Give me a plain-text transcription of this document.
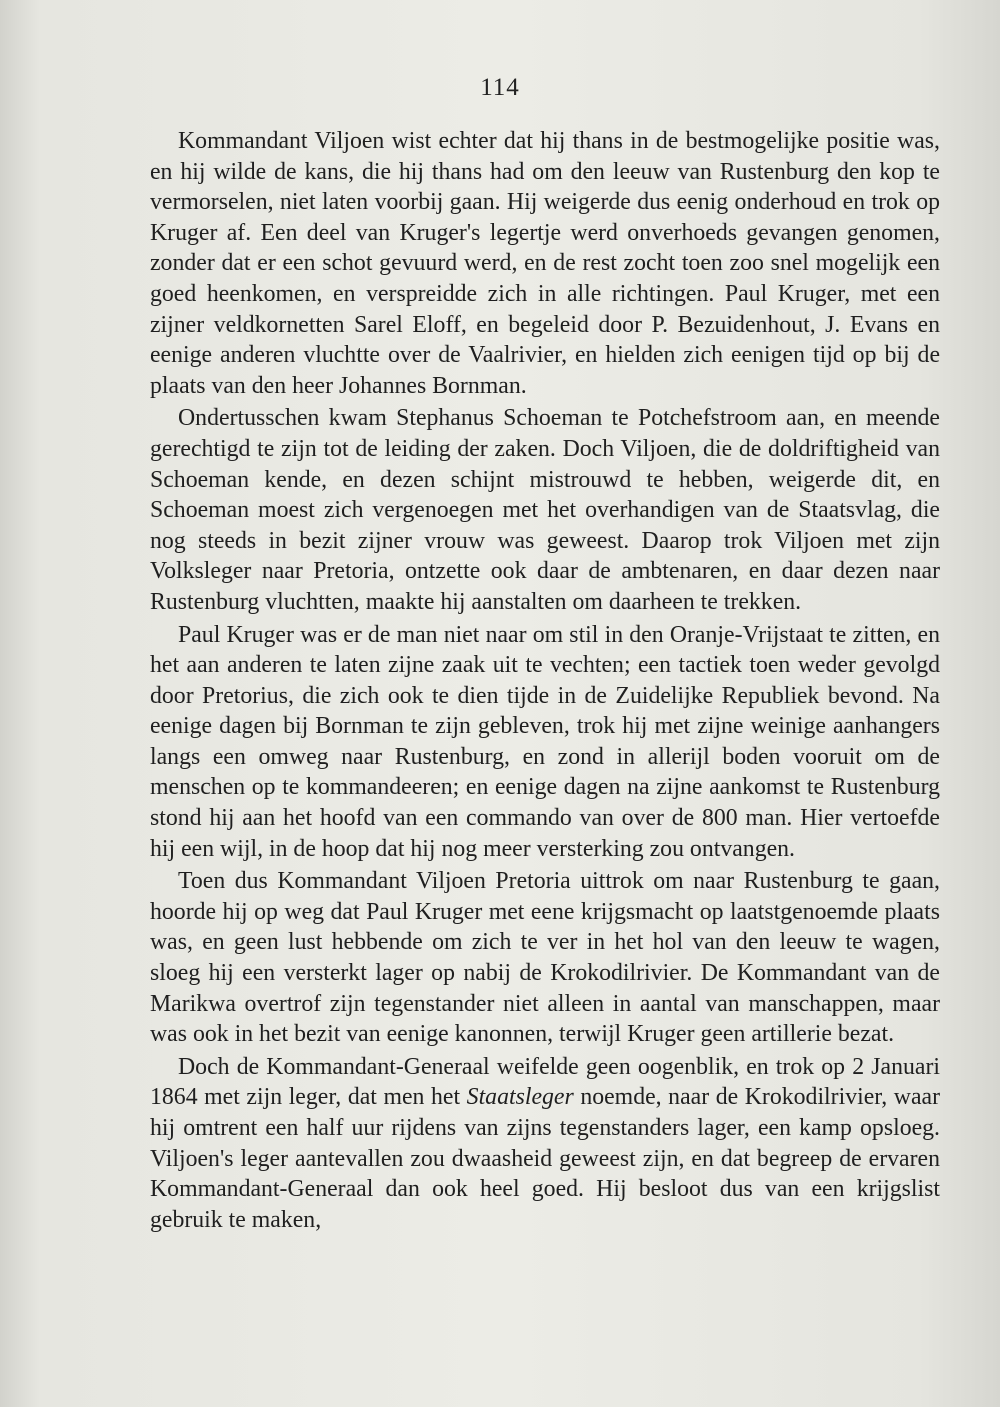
114

Kommandant Viljoen wist echter dat hij thans in de bestmogelijke positie was, en hij wilde de kans, die hij thans had om den leeuw van Rustenburg den kop te vermorselen, niet laten voorbij gaan. Hij weigerde dus eenig onderhoud en trok op Kruger af. Een deel van Kruger's legertje werd onverhoeds gevangen genomen, zonder dat er een schot gevuurd werd, en de rest zocht toen zoo snel mogelijk een goed heenkomen, en verspreidde zich in alle richtingen. Paul Kruger, met een zijner veldkornetten Sarel Eloff, en begeleid door P. Bezuidenhout, J. Evans en eenige anderen vluchtte over de Vaalrivier, en hielden zich eenigen tijd op bij de plaats van den heer Johannes Bornman.

Ondertusschen kwam Stephanus Schoeman te Potchefstroom aan, en meende gerechtigd te zijn tot de leiding der zaken. Doch Viljoen, die de doldriftigheid van Schoeman kende, en dezen schijnt mistrouwd te hebben, weigerde dit, en Schoeman moest zich vergenoegen met het overhandigen van de Staatsvlag, die nog steeds in bezit zijner vrouw was geweest. Daarop trok Viljoen met zijn Volksleger naar Pretoria, ontzette ook daar de ambtenaren, en daar dezen naar Rustenburg vluchtten, maakte hij aanstalten om daarheen te trekken.

Paul Kruger was er de man niet naar om stil in den Oranje-Vrijstaat te zitten, en het aan anderen te laten zijne zaak uit te vechten; een tactiek toen weder gevolgd door Pretorius, die zich ook te dien tijde in de Zuidelijke Republiek bevond. Na eenige dagen bij Bornman te zijn gebleven, trok hij met zijne weinige aanhangers langs een omweg naar Rustenburg, en zond in allerijl boden vooruit om de menschen op te kommandeeren; en eenige dagen na zijne aankomst te Rustenburg stond hij aan het hoofd van een commando van over de 800 man. Hier vertoefde hij een wijl, in de hoop dat hij nog meer versterking zou ontvangen.

Toen dus Kommandant Viljoen Pretoria uittrok om naar Rustenburg te gaan, hoorde hij op weg dat Paul Kruger met eene krijgsmacht op laatstgenoemde plaats was, en geen lust hebbende om zich te ver in het hol van den leeuw te wagen, sloeg hij een versterkt lager op nabij de Krokodilrivier. De Kommandant van de Marikwa overtrof zijn tegenstander niet alleen in aantal van manschappen, maar was ook in het bezit van eenige kanonnen, terwijl Kruger geen artillerie bezat.

Doch de Kommandant-Generaal weifelde geen oogenblik, en trok op 2 Januari 1864 met zijn leger, dat men het Staatsleger noemde, naar de Krokodilrivier, waar hij omtrent een half uur rijdens van zijns tegenstanders lager, een kamp opsloeg. Viljoen's leger aantevallen zou dwaasheid geweest zijn, en dat begreep de ervaren Kommandant-Generaal dan ook heel goed. Hij besloot dus van een krijgslist gebruik te maken,
